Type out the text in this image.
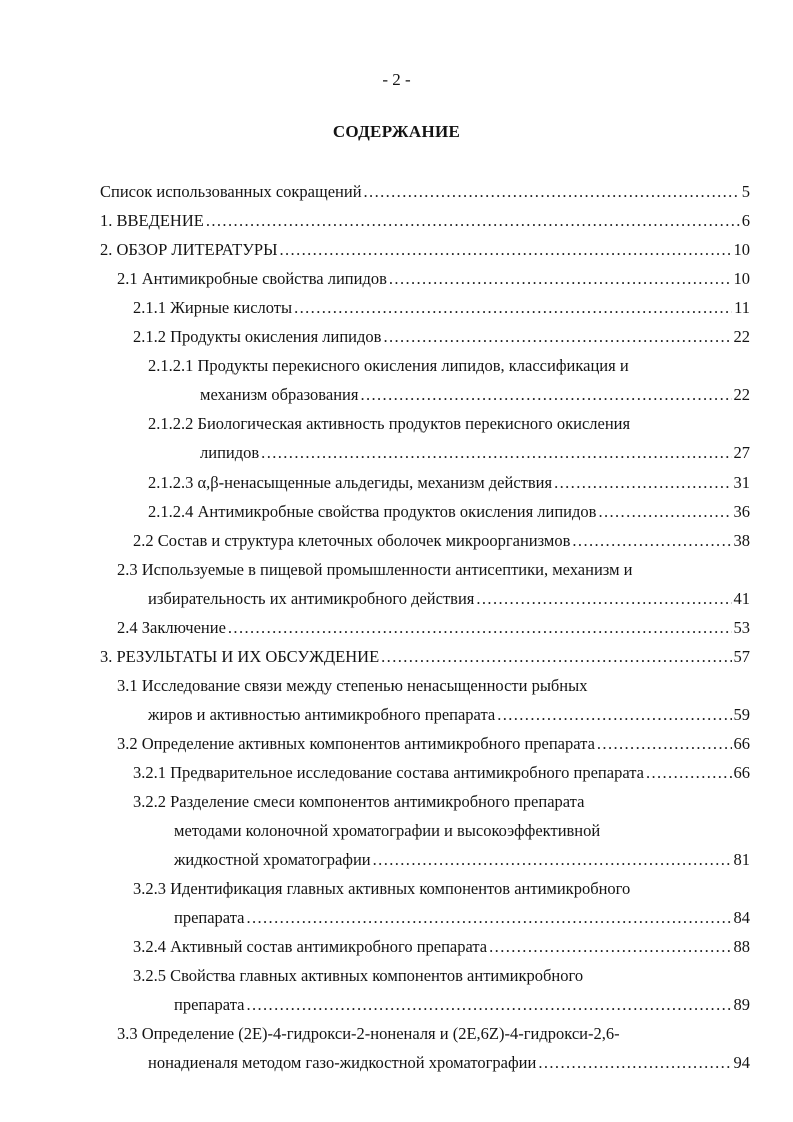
- 2 -
СОДЕРЖАНИЕ
Список использованных сокращений .....	5
1. ВВЕДЕНИЕ .....	6
2. ОБЗОР ЛИТЕРАТУРЫ .....	10
2.1 Антимикробные свойства липидов .....	10
2.1.1 Жирные кислоты .....	11
2.1.2 Продукты окисления липидов .....	22
2.1.2.1 Продукты перекисного окисления липидов, классификация и
механизм образования .....	22
2.1.2.2 Биологическая активность продуктов перекисного окисления
липидов .....	27
2.1.2.3 α,β-ненасыщенные альдегиды, механизм действия .....	31
2.1.2.4 Антимикробные свойства продуктов окисления липидов .....	36
2.2 Состав и структура клеточных оболочек микроорганизмов .....	38
2.3 Используемые в пищевой промышленности антисептики, механизм и
избирательность их антимикробного действия .....	41
2.4 Заключение .....	53
3. РЕЗУЛЬТАТЫ И ИХ ОБСУЖДЕНИЕ .....	57
3.1 Исследование связи между степенью ненасыщенности рыбных
жиров и активностью антимикробного препарата .....	59
3.2 Определение активных компонентов антимикробного препарата .....	66
3.2.1 Предварительное исследование состава антимикробного препарата .....	66
3.2.2 Разделение смеси компонентов антимикробного препарата
методами колоночной хроматографии и высокоэффективной
жидкостной хроматографии .....	81
3.2.3 Идентификация главных активных компонентов антимикробного
препарата .....	84
3.2.4 Активный состав антимикробного препарата .....	88
3.2.5 Свойства главных активных компонентов антимикробного
препарата .....	89
3.3 Определение (2E)-4-гидрокси-2-ноненаля и (2E,6Z)-4-гидрокси-2,6-
нонадиеналя методом газо-жидкостной хроматографии .....	94
